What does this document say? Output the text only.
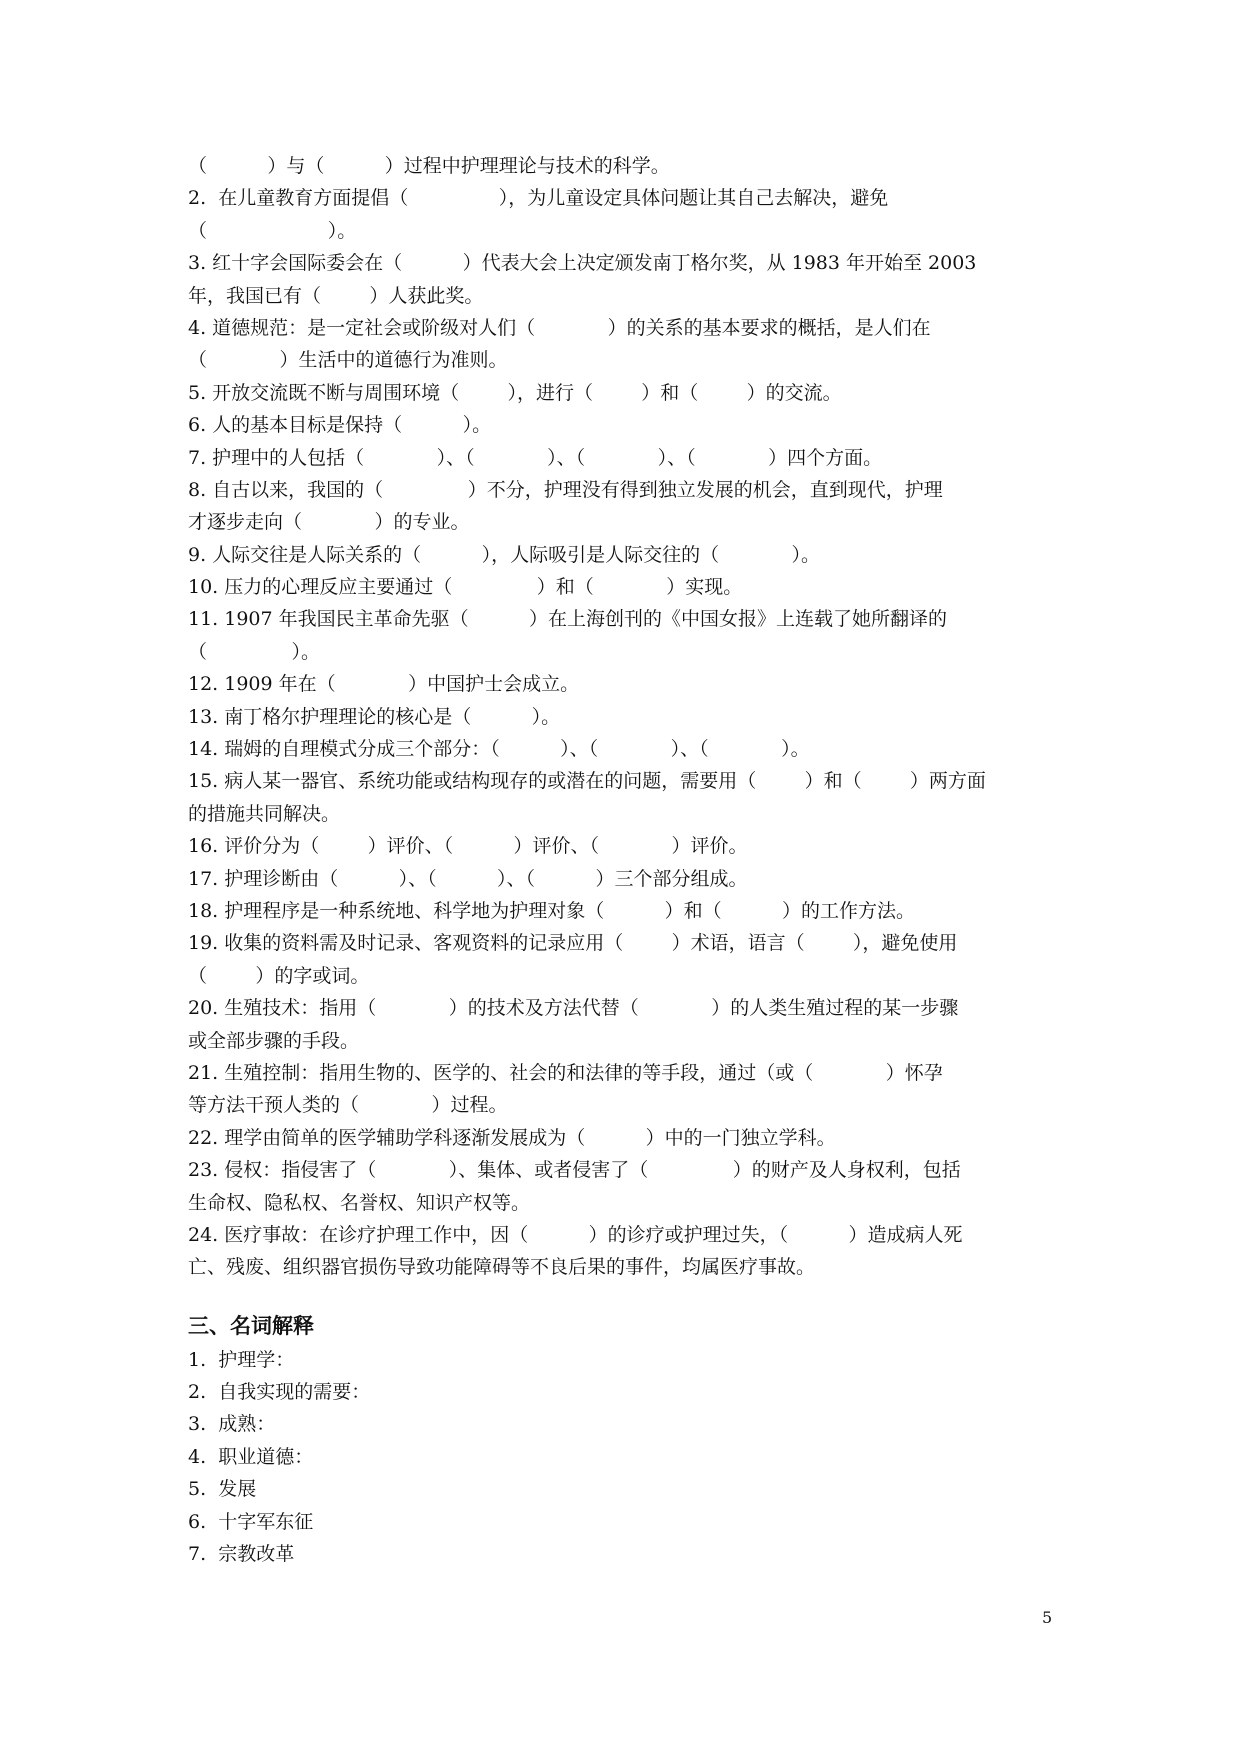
（          ）与（          ）过程中护理理论与技术的科学。
2.  在儿童教育方面提倡（               ），为儿童设定具体问题让其自己去解决，避免
（                    ）。
3. 红十字会国际委会在（          ）代表大会上决定颁发南丁格尔奖，从 1983 年开始至 2003
年，我国已有（        ）人获此奖。
4. 道德规范：是一定社会或阶级对人们（            ）的关系的基本要求的概括，是人们在
（            ）生活中的道德行为准则。
5. 开放交流既不断与周围环境（        ），进行（        ）和（        ）的交流。
6. 人的基本目标是保持（          ）。
7. 护理中的人包括（            ）、（            ）、（            ）、（            ）四个方面。
8. 自古以来，我国的（              ）不分，护理没有得到独立发展的机会，直到现代，护理
才逐步走向（            ）的专业。
9. 人际交往是人际关系的（          ），人际吸引是人际交往的（            ）。
10. 压力的心理反应主要通过（              ）和（            ）实现。
11. 1907 年我国民主革命先驱（          ）在上海创刊的《中国女报》上连载了她所翻译的
（              ）。
12. 1909 年在（            ）中国护士会成立。
13. 南丁格尔护理理论的核心是（          ）。
14. 瑞姆的自理模式分成三个部分：（          ）、（            ）、（            ）。
15. 病人某一器官、系统功能或结构现存的或潜在的问题，需要用（        ）和（        ）两方面
的措施共同解决。
16. 评价分为（        ）评价、（          ）评价、（            ）评价。
17. 护理诊断由（          ）、（          ）、（          ）三个部分组成。
18. 护理程序是一种系统地、科学地为护理对象（          ）和（          ）的工作方法。
19. 收集的资料需及时记录、客观资料的记录应用（        ）术语，语言（        ），避免使用
（        ）的字或词。
20. 生殖技术：指用（            ）的技术及方法代替（            ）的人类生殖过程的某一步骤
或全部步骤的手段。
21. 生殖控制：指用生物的、医学的、社会的和法律的等手段，通过（或（            ）怀孕
等方法干预人类的（            ）过程。
22. 理学由简单的医学辅助学科逐渐发展成为（          ）中的一门独立学科。
23. 侵权：指侵害了（            ）、集体、或者侵害了（              ）的财产及人身权利，包括
生命权、隐私权、名誉权、知识产权等。
24. 医疗事故：在诊疗护理工作中，因（          ）的诊疗或护理过失，（          ）造成病人死
亡、残废、组织器官损伤导致功能障碍等不良后果的事件，均属医疗事故。
三、名词解释
1.  护理学：
2.  自我实现的需要：
3.  成熟：
4.  职业道德：
5.  发展
6.  十字军东征
7.  宗教改革
5
